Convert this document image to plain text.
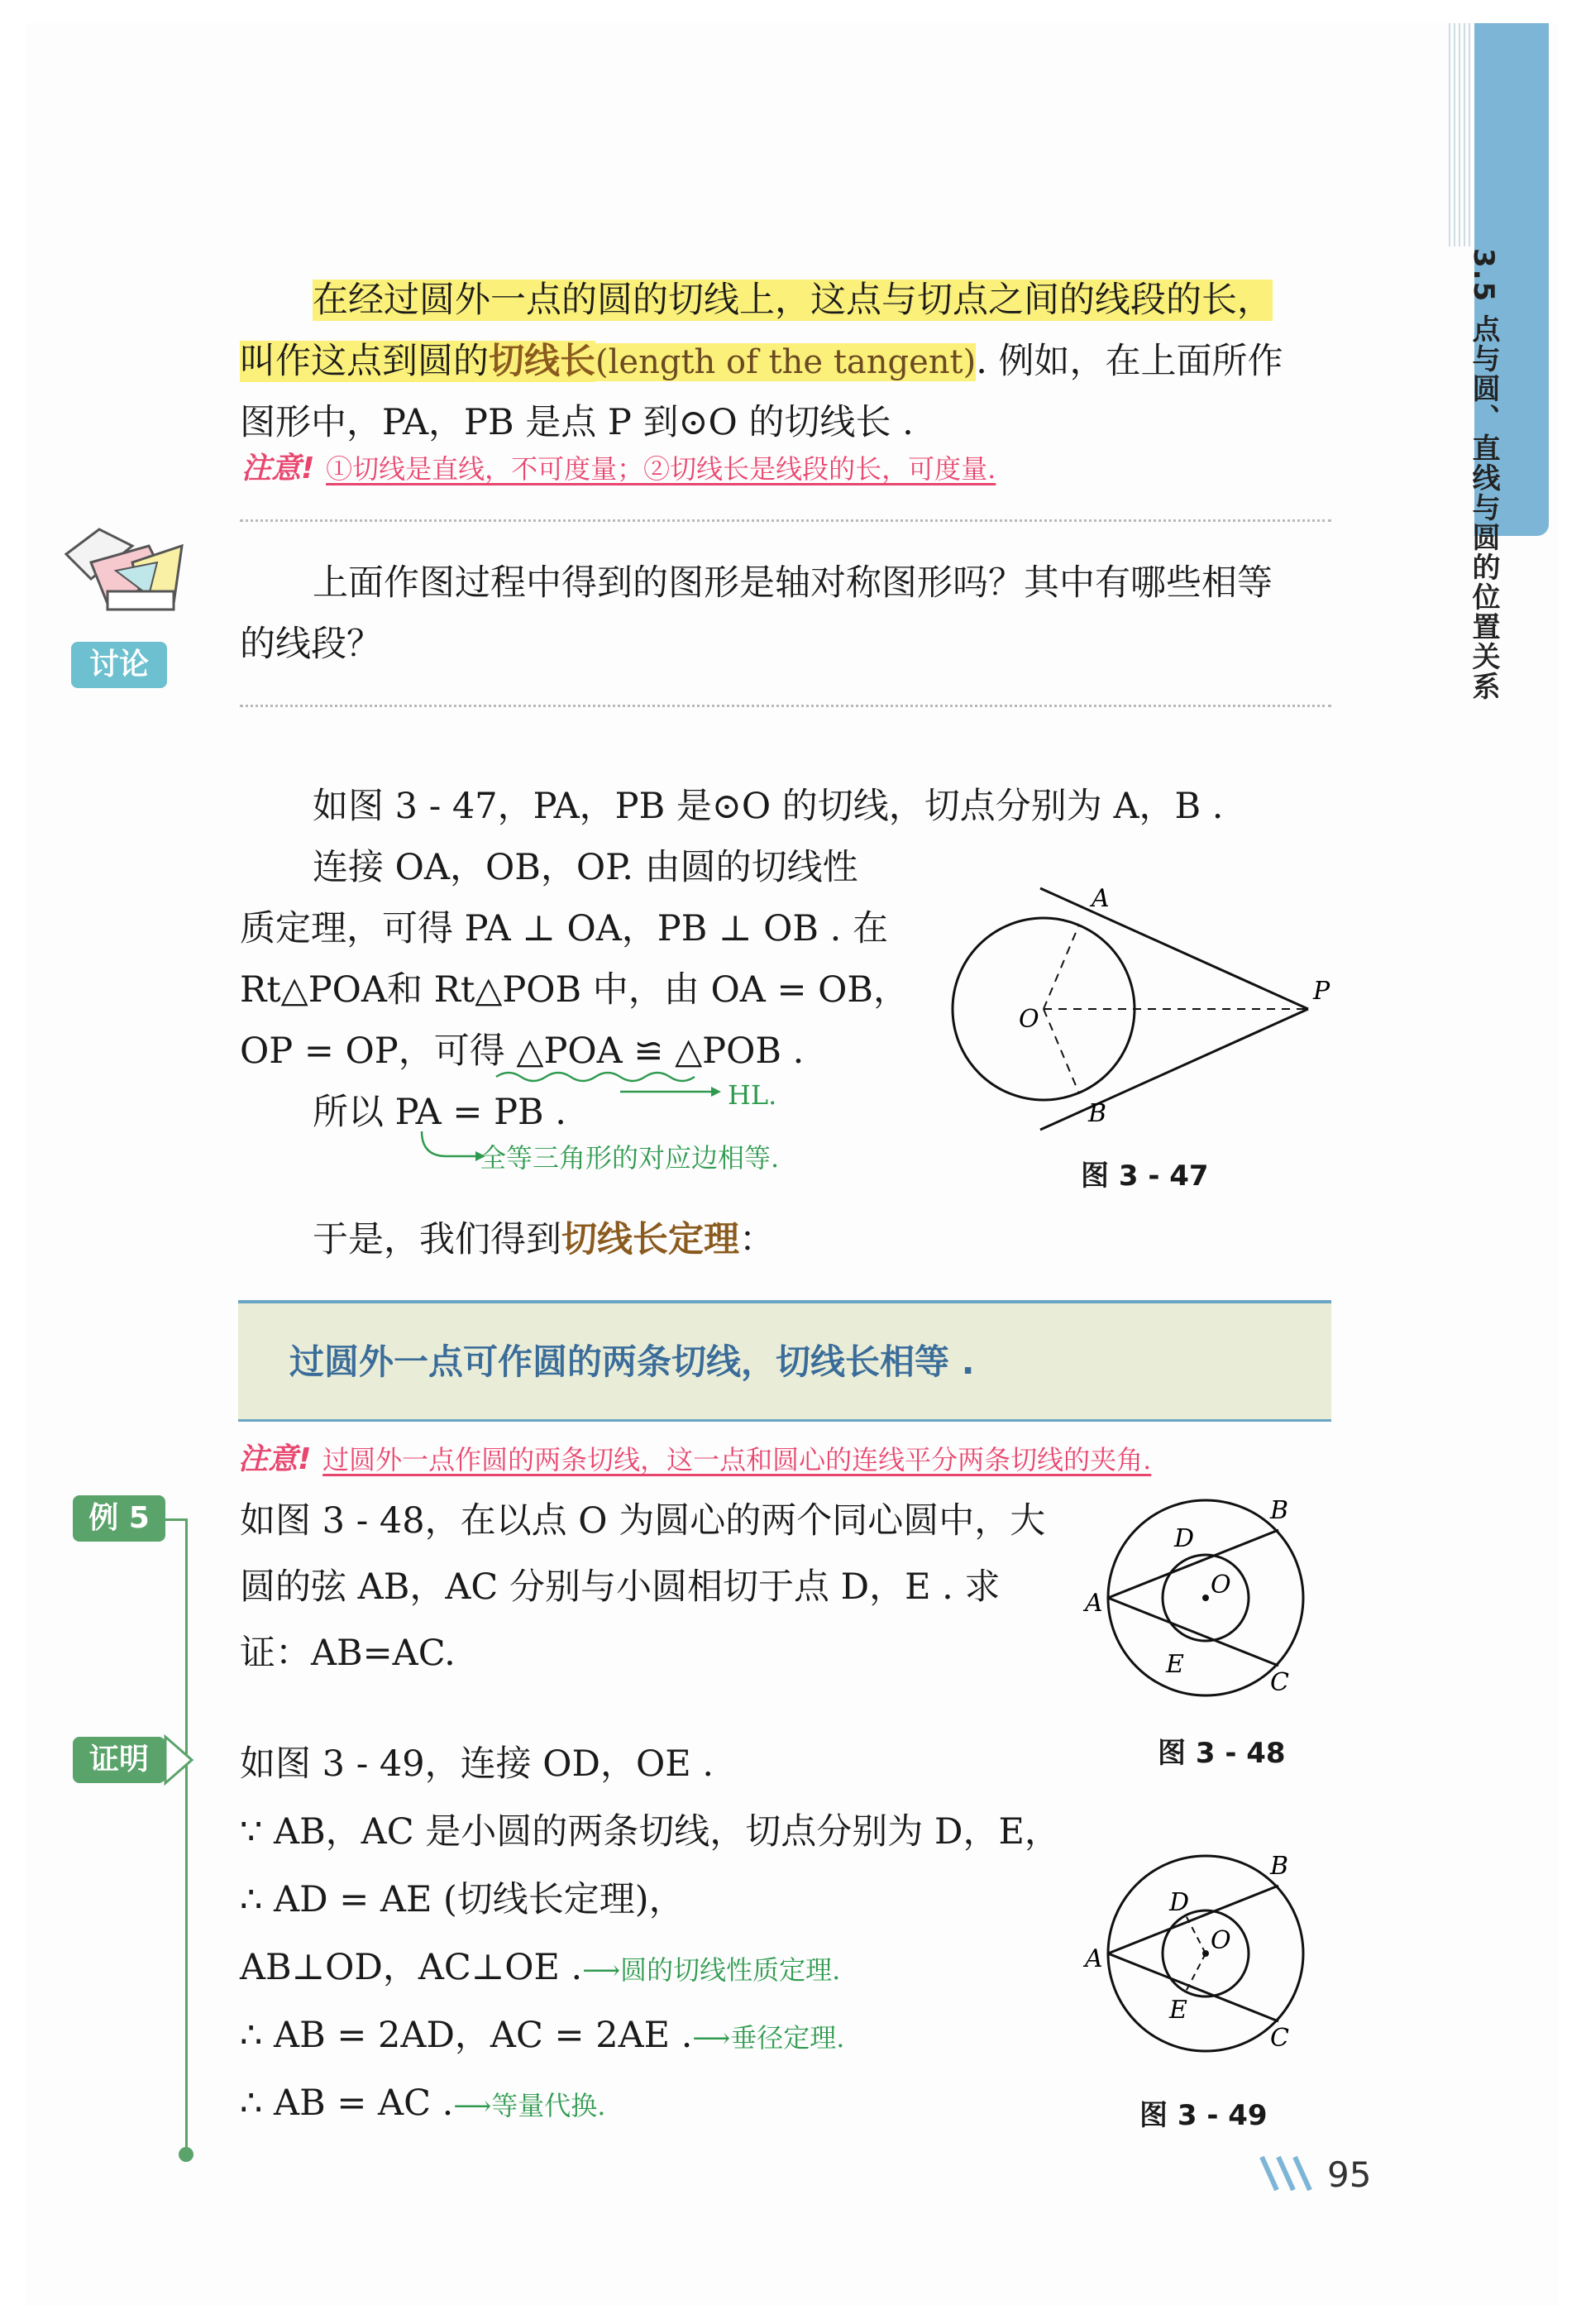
3.5 点与圆、直线与圆的位置关系
在经过圆外一点的圆的切线上，这点与切点之间的线段的长，
叫作这点到圆的切线长(length of the tangent). 例如，在上面所作
图形中，PA，PB 是点 P 到⊙O 的切线长 .
注意! ①切线是直线，不可度量；②切线长是线段的长，可度量.
讨论
上面作图过程中得到的图形是轴对称图形吗？其中有哪些相等
的线段？
如图 3 - 47，PA，PB 是⊙O 的切线，切点分别为 A，B .
连接 OA，OB，OP. 由圆的切线性
质定理，可得 PA ⊥ OA，PB ⊥ OB . 在
Rt△POA和 Rt△POB 中，由 OA = OB，
OP = OP，可得 △POA ≌ △POB .
HL.
所以 PA = PB .
全等三角形的对应边相等.
A
B
O
P
图 3 - 47
于是，我们得到切线长定理：
过圆外一点可作圆的两条切线，切线长相等 .
注意! 过圆外一点作圆的两条切线，这一点和圆心的连线平分两条切线的夹角.
例 5	如图 3 - 48，在以点 O 为圆心的两个同心圆中，大
圆的弦 AB，AC 分别与小圆相切于点 D，E . 求
证：AB=AC.
B
C
A
D
E
O
图 3 - 48
证明	如图 3 - 49，连接 OD，OE .
∵ AB，AC 是小圆的两条切线，切点分别为 D，E，
∴ AD = AE (切线长定理)，
AB⊥OD，AC⊥OE .⟶圆的切线性质定理.
∴ AB = 2AD，AC = 2AE .⟶垂径定理.
∴ AB = AC .⟶等量代换.
B
C
A
D
E
O
图 3 - 49
95
